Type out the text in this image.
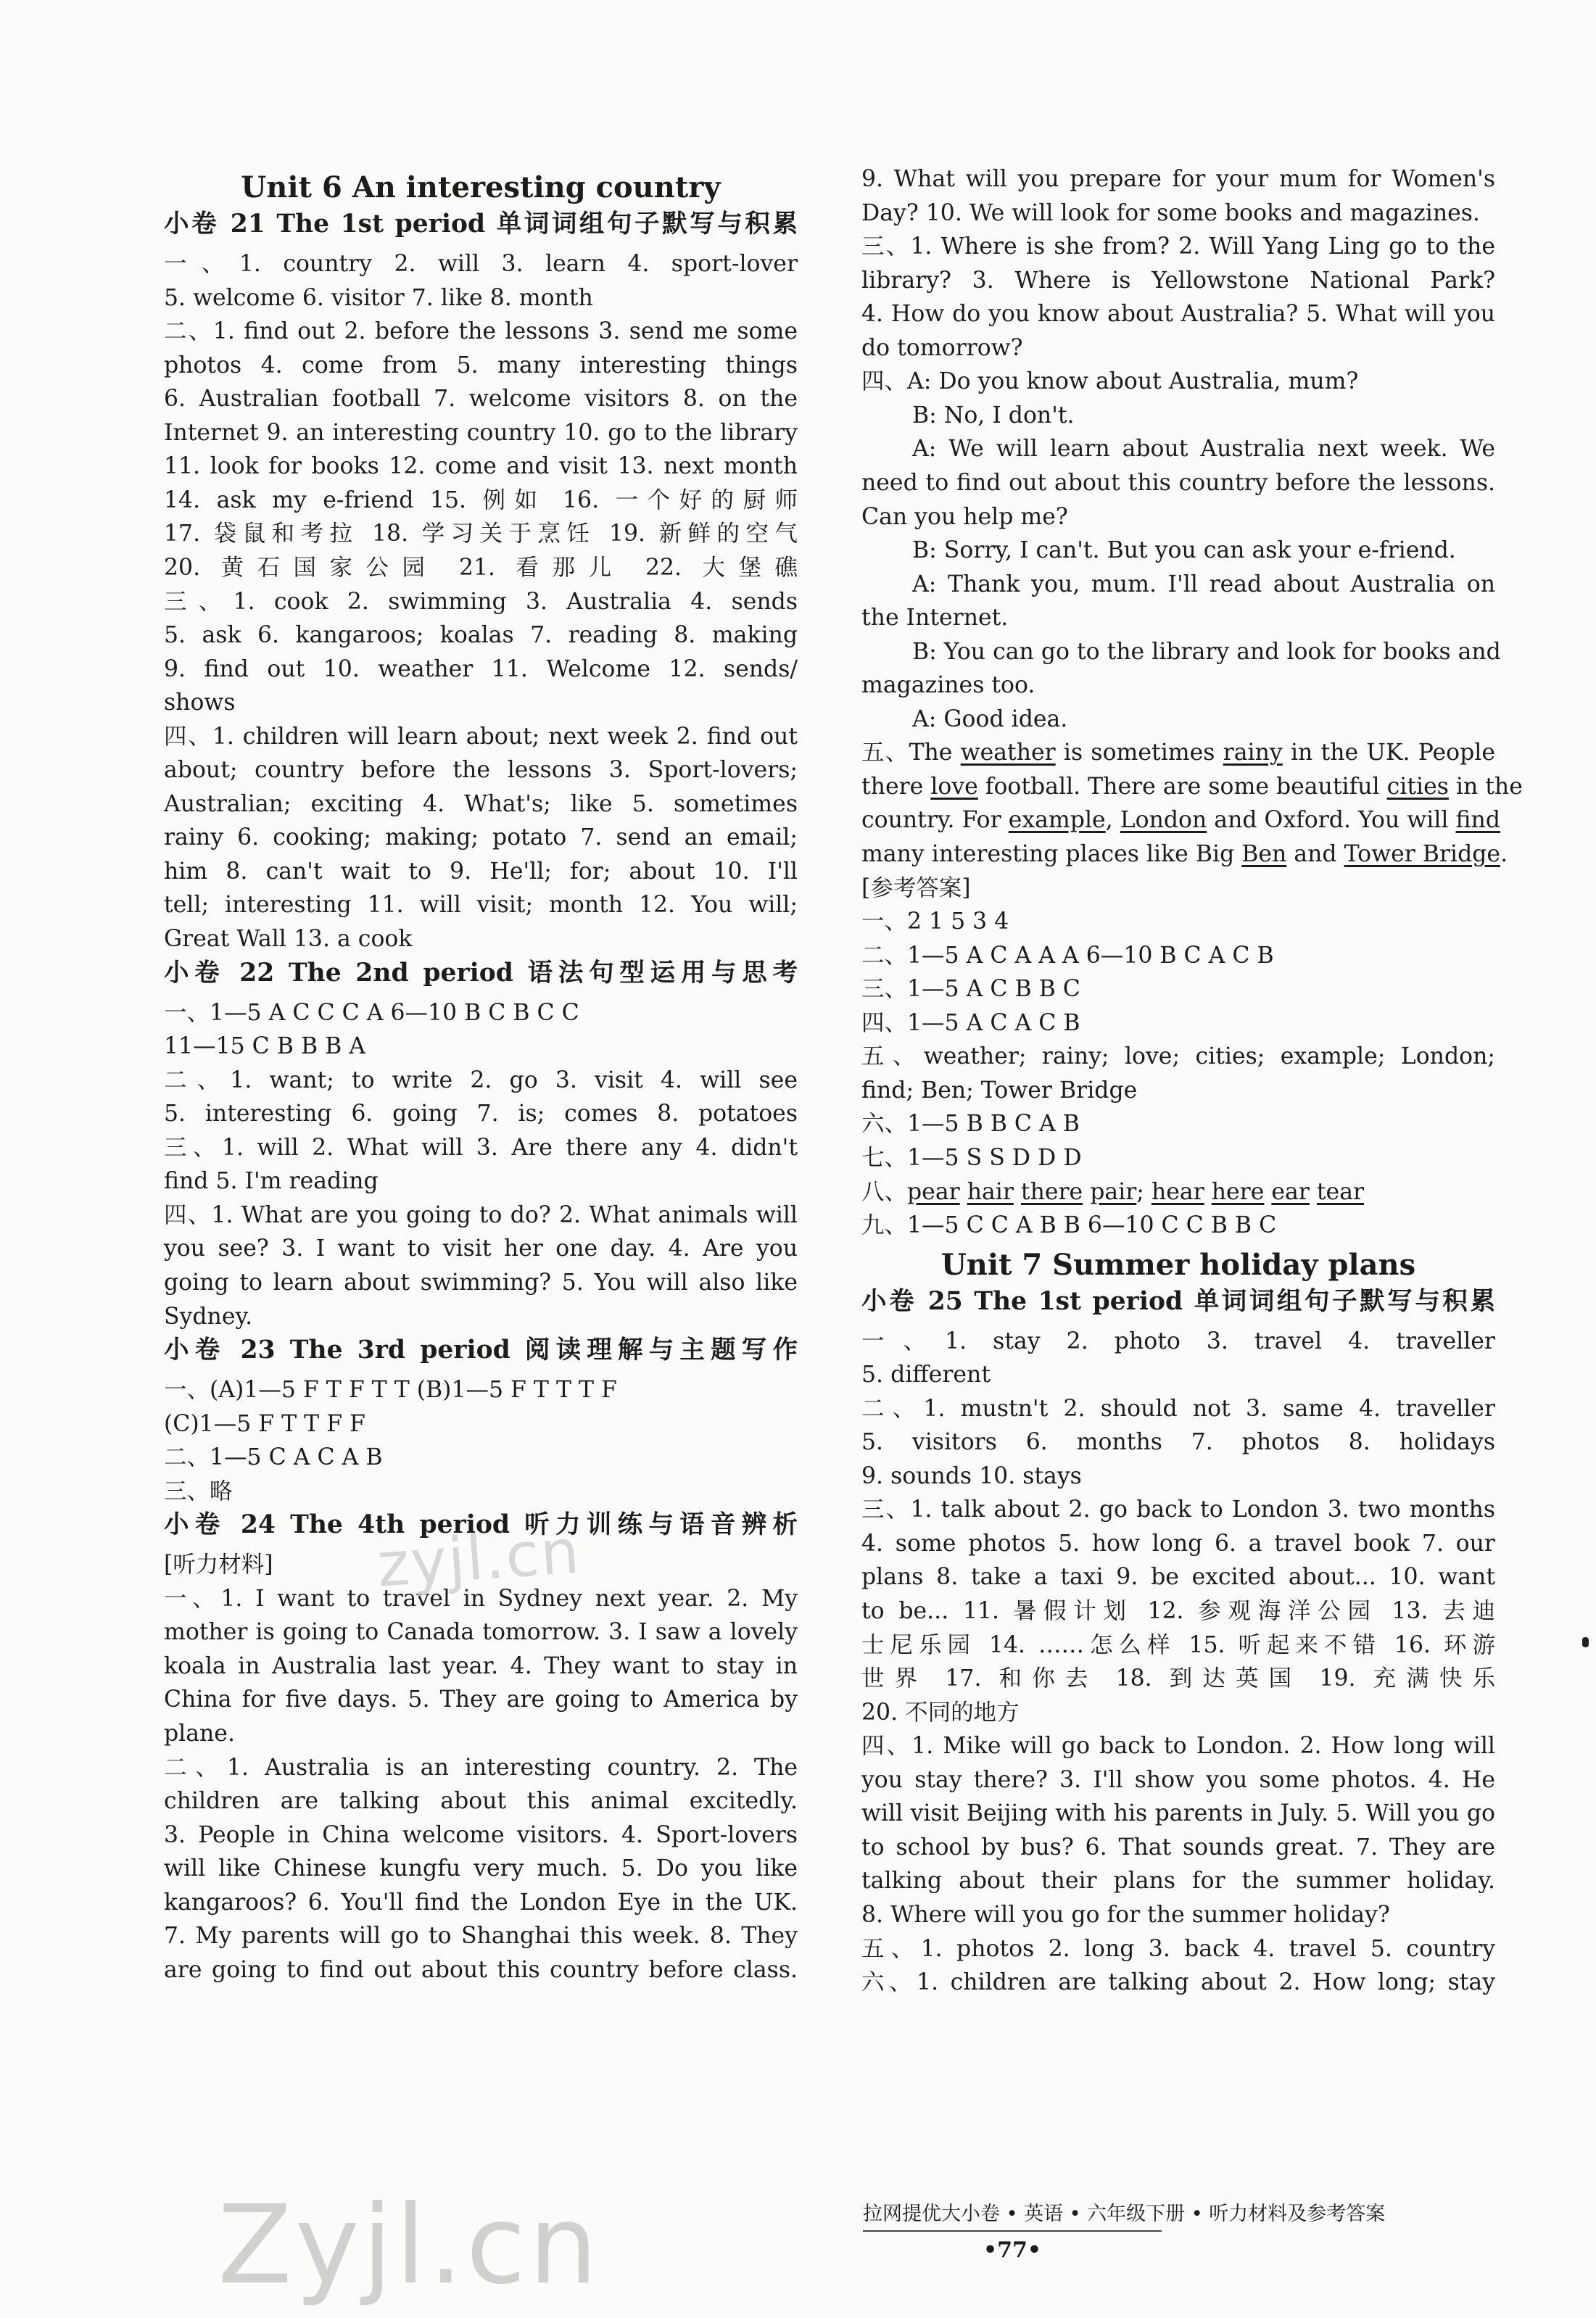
Unit 6 An interesting country
小卷 21 The 1st period 单词词组句子默写与积累
一、1. country 2. will 3. learn 4. sport-lover
5. welcome 6. visitor 7. like 8. month
二、1. find out 2. before the lessons 3. send me some
photos 4. come from 5. many interesting things
6. Australian football 7. welcome visitors 8. on the
Internet 9. an interesting country 10. go to the library
11. look for books 12. come and visit 13. next month
14. ask my e-friend 15. 例如 16. 一个好的厨师
17. 袋鼠和考拉 18. 学习关于烹饪 19. 新鲜的空气
20. 黄石国家公园 21. 看那儿 22. 大堡礁
三、1. cook 2. swimming 3. Australia 4. sends
5. ask 6. kangaroos; koalas 7. reading 8. making
9. find out 10. weather 11. Welcome 12. sends/
shows
四、1. children will learn about; next week 2. find out
about; country before the lessons 3. Sport-lovers;
Australian; exciting 4. What's; like 5. sometimes
rainy 6. cooking; making; potato 7. send an email;
him 8. can't wait to 9. He'll; for; about 10. I'll
tell; interesting 11. will visit; month 12. You will;
Great Wall 13. a cook
小卷 22 The 2nd period 语法句型运用与思考
一、1—5 A C C C A 6—10 B C B C C
11—15 C B B B A
二、1. want; to write 2. go 3. visit 4. will see
5. interesting 6. going 7. is; comes 8. potatoes
三、1. will 2. What will 3. Are there any 4. didn't
find 5. I'm reading
四、1. What are you going to do? 2. What animals will
you see? 3. I want to visit her one day. 4. Are you
going to learn about swimming? 5. You will also like
Sydney.
小卷 23 The 3rd period 阅读理解与主题写作
一、(A)1—5 F T F T T (B)1—5 F T T T F
(C)1—5 F T T F F
二、1—5 C A C A B
三、略
小卷 24 The 4th period 听力训练与语音辨析
[听力材料]
一、1. I want to travel in Sydney next year. 2. My
mother is going to Canada tomorrow. 3. I saw a lovely
koala in Australia last year. 4. They want to stay in
China for five days. 5. They are going to America by
plane.
二、1. Australia is an interesting country. 2. The
children are talking about this animal excitedly.
3. People in China welcome visitors. 4. Sport-lovers
will like Chinese kungfu very much. 5. Do you like
kangaroos? 6. You'll find the London Eye in the UK.
7. My parents will go to Shanghai this week. 8. They
are going to find out about this country before class.
9. What will you prepare for your mum for Women's
Day? 10. We will look for some books and magazines.
三、1. Where is she from? 2. Will Yang Ling go to the
library? 3. Where is Yellowstone National Park?
4. How do you know about Australia? 5. What will you
do tomorrow?
四、A: Do you know about Australia, mum?
B: No, I don't.
A: We will learn about Australia next week. We
need to find out about this country before the lessons.
Can you help me?
B: Sorry, I can't. But you can ask your e-friend.
A: Thank you, mum. I'll read about Australia on
the Internet.
B: You can go to the library and look for books and
magazines too.
A: Good idea.
五、The weather is sometimes rainy in the UK. People
there love football. There are some beautiful cities in the
country. For example, London and Oxford. You will find
many interesting places like Big Ben and Tower Bridge.
[参考答案]
一、2 1 5 3 4
二、1—5 A C A A A 6—10 B C A C B
三、1—5 A C B B C
四、1—5 A C A C B
五、weather; rainy; love; cities; example; London;
find; Ben; Tower Bridge
六、1—5 B B C A B
七、1—5 S S D D D
八、pear hair there pair; hear here ear tear
九、1—5 C C A B B 6—10 C C B B C
Unit 7 Summer holiday plans
小卷 25 The 1st period 单词词组句子默写与积累
一、1. stay 2. photo 3. travel 4. traveller
5. different
二、1. mustn't 2. should not 3. same 4. traveller
5. visitors 6. months 7. photos 8. holidays
9. sounds 10. stays
三、1. talk about 2. go back to London 3. two months
4. some photos 5. how long 6. a travel book 7. our
plans 8. take a taxi 9. be excited about... 10. want
to be... 11. 暑假计划 12. 参观海洋公园 13. 去迪
士尼乐园 14. ……怎么样 15. 听起来不错 16. 环游
世界 17. 和你去 18. 到达英国 19. 充满快乐
20. 不同的地方
四、1. Mike will go back to London. 2. How long will
you stay there? 3. I'll show you some photos. 4. He
will visit Beijing with his parents in July. 5. Will you go
to school by bus? 6. That sounds great. 7. They are
talking about their plans for the summer holiday.
8. Where will you go for the summer holiday?
五、1. photos 2. long 3. back 4. travel 5. country
六、1. children are talking about 2. How long; stay
zyjl.cn
Zyjl.cn	拉网提优大小卷 • 英语 • 六年级下册 • 听力材料及参考答案
•77•
